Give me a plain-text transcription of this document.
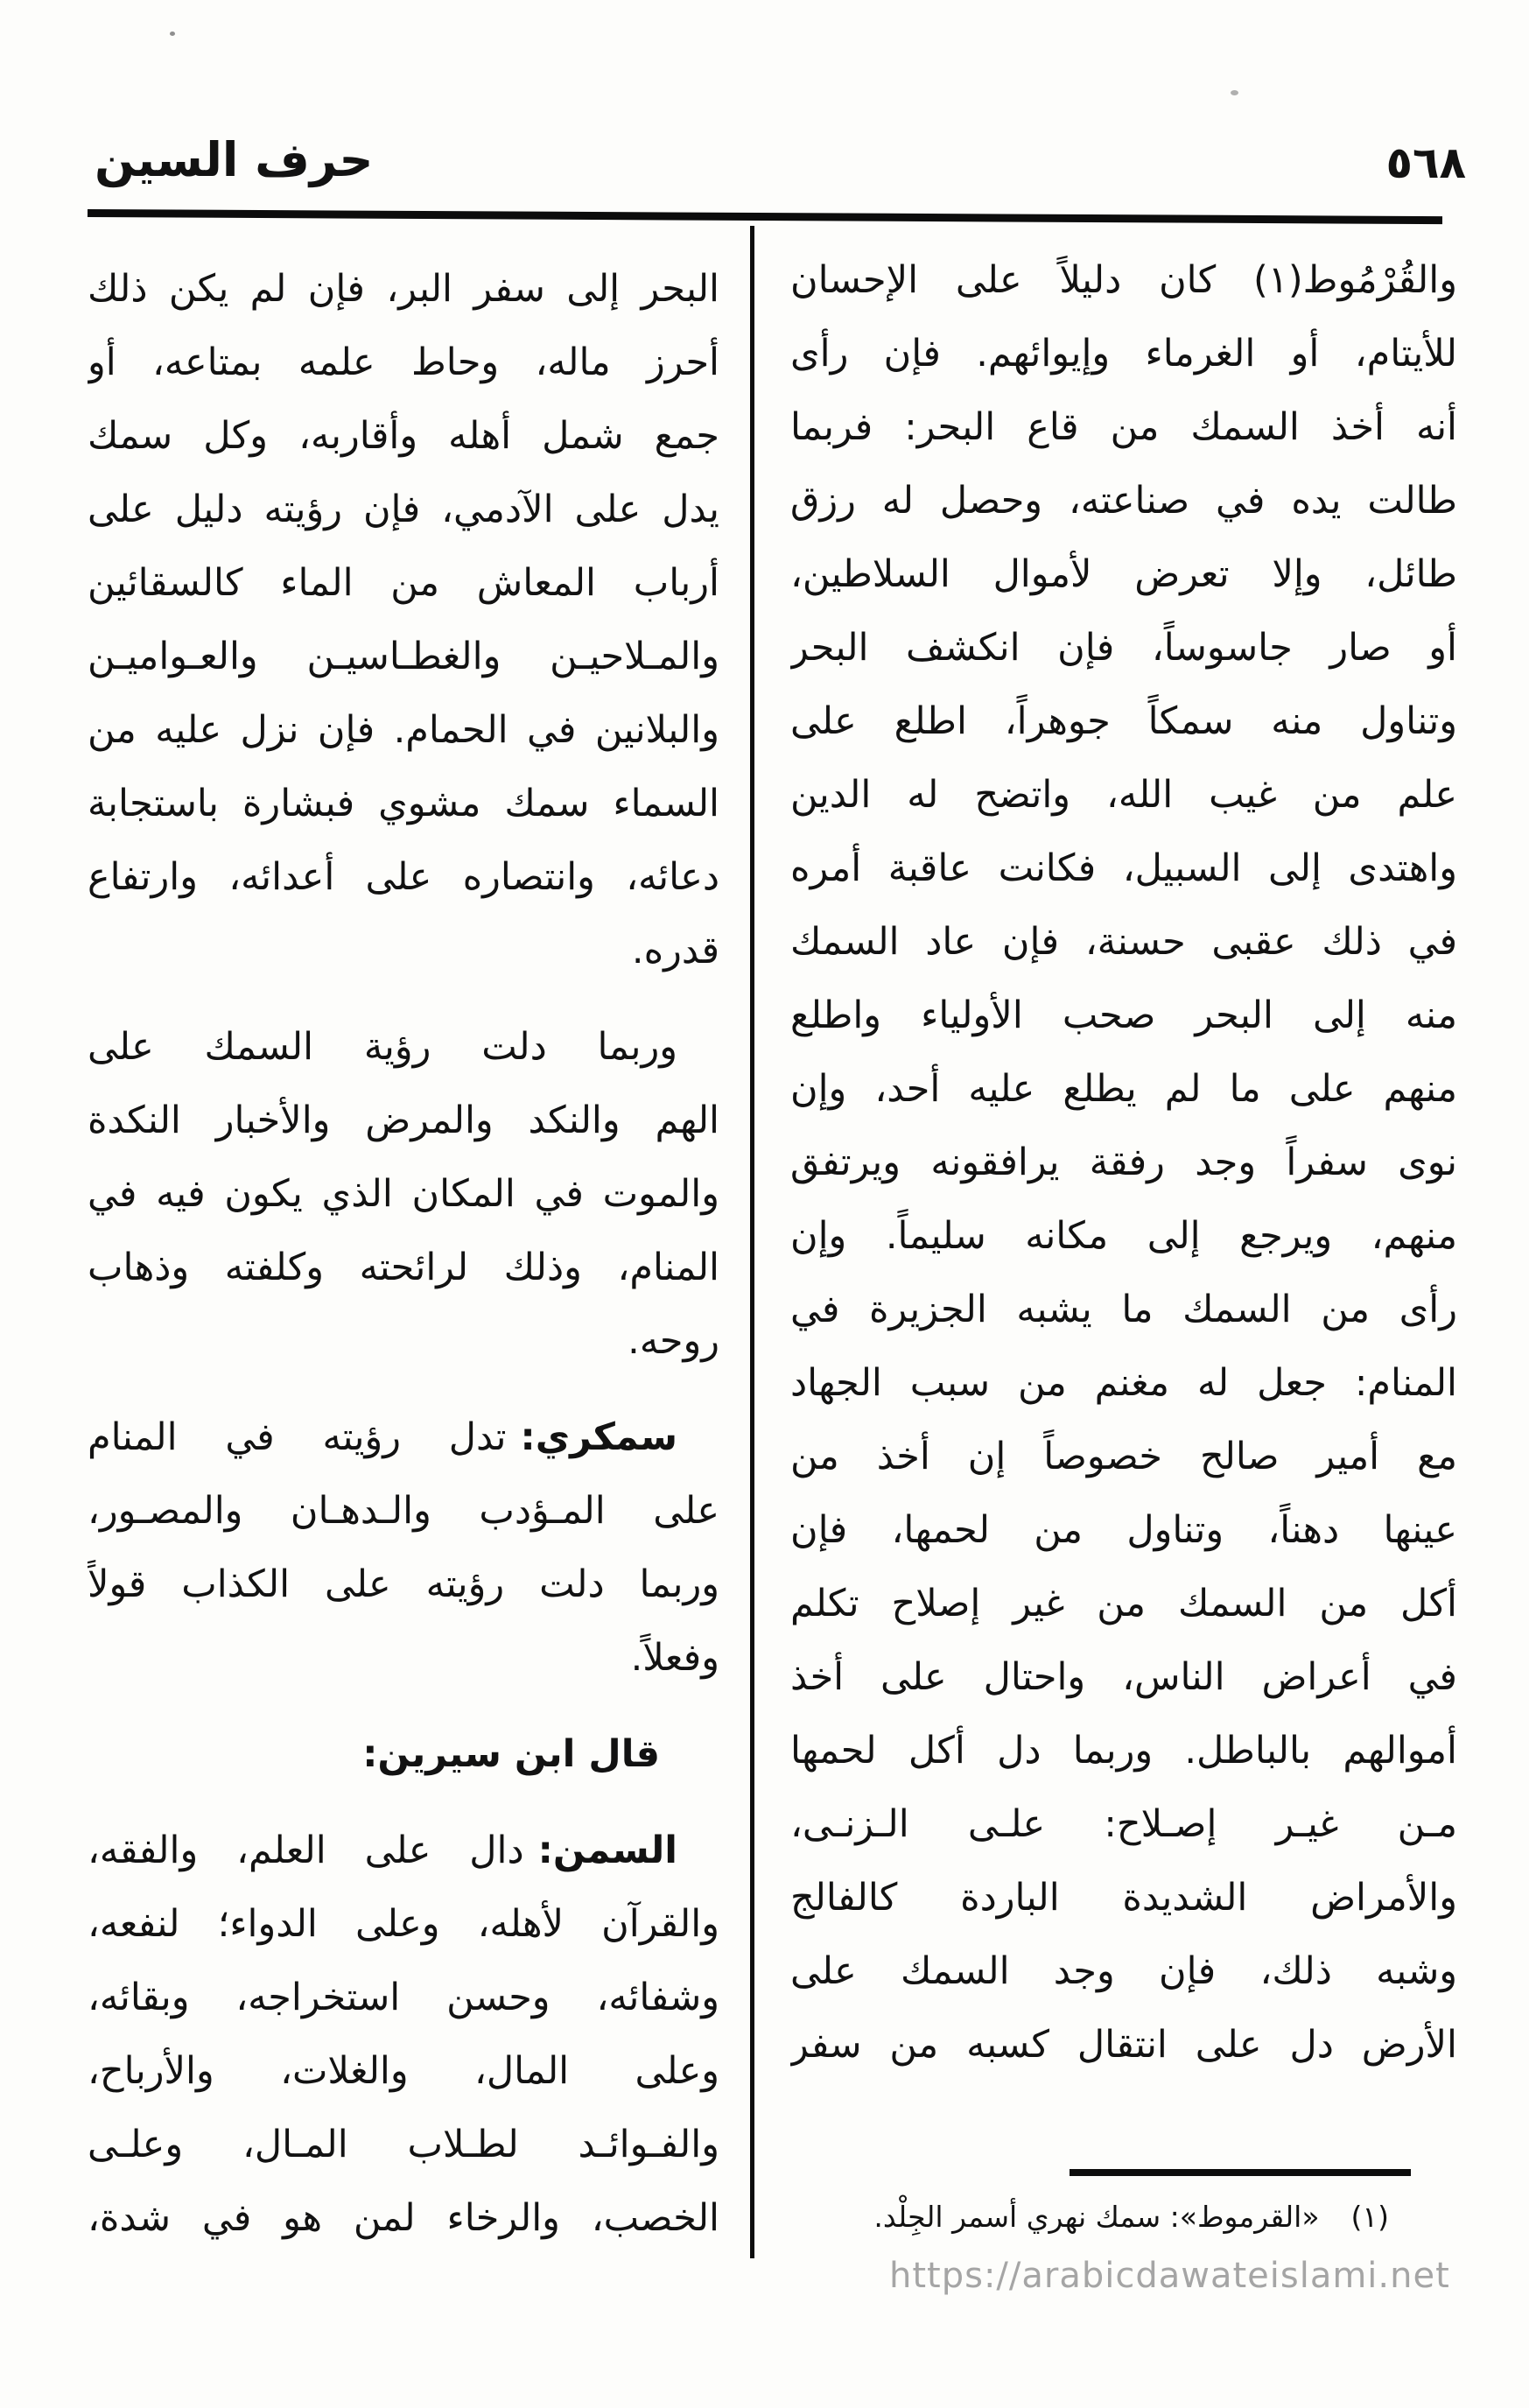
حرف السين	٥٦٨
والقُرْمُوط(١) كان دليلاً على الإحسان
للأيتام، أو الغرماء وإيوائهم. فإن رأى
أنه أخذ السمك من قاع البحر: فربما
طالت يده في صناعته، وحصل له رزق
طائل، وإلا تعرض لأموال السلاطين،
أو صار جاسوساً، فإن انكشف البحر
وتناول منه سمكاً جوهراً، اطلع على
علم من غيب الله، واتضح له الدين
واهتدى إلى السبيل، فكانت عاقبة أمره
في ذلك عقبى حسنة، فإن عاد السمك
منه إلى البحر صحب الأولياء واطلع
منهم على ما لم يطلع عليه أحد، وإن
نوى سفراً وجد رفقة يرافقونه ويرتفق
منهم، ويرجع إلى مكانه سليماً. وإن
رأى من السمك ما يشبه الجزيرة في
المنام: جعل له مغنم من سبب الجهاد
مع أمير صالح خصوصاً إن أخذ من
عينها دهناً، وتناول من لحمها، فإن
أكل من السمك من غير إصلاح تكلم
في أعراض الناس، واحتال على أخذ
أموالهم بالباطل. وربما دل أكل لحمها
مـن غيـر إصـلاح: علـى الـزنـى،
والأمراض الشديدة الباردة كالفالج
وشبه ذلك، فإن وجد السمك على
الأرض دل على انتقال كسبه من سفر
البحر إلى سفر البر، فإن لم يكن ذلك
أحرز ماله، وحاط علمه بمتاعه، أو
جمع شمل أهله وأقاربه، وكل سمك
يدل على الآدمي، فإن رؤيته دليل على
أرباب المعاش من الماء كالسقائين
والمـلاحيـن والغطـاسيـن والعـواميـن
والبلانين في الحمام. فإن نزل عليه من
السماء سمك مشوي فبشارة باستجابة
دعائه، وانتصاره على أعدائه، وارتفاع
قدره.
وربما دلت رؤية السمك على
الهم والنكد والمرض والأخبار النكدة
والموت في المكان الذي يكون فيه في
المنام، وذلك لرائحته وكلفته وذهاب
روحه.
سمكري:تدل رؤيته في المنام
على المـؤدب والـدهـان والمصـور،
وربما دلت رؤيته على الكذاب قولاً
وفعلاً.
قال ابن سيرين:
السمن:دال على العلم، والفقه،
والقرآن لأهله، وعلى الدواء؛ لنفعه،
وشفائه، وحسن استخراجه، وبقائه،
وعلى المال، والغلات، والأرباح،
والفـوائـد لطـلاب المـال، وعلـى
الخصب، والرخاء لمن هو في شدة،	(١)«القرموط»: سمك نهري أسمر الجِلْد.
https://arabicdawateislami.net
